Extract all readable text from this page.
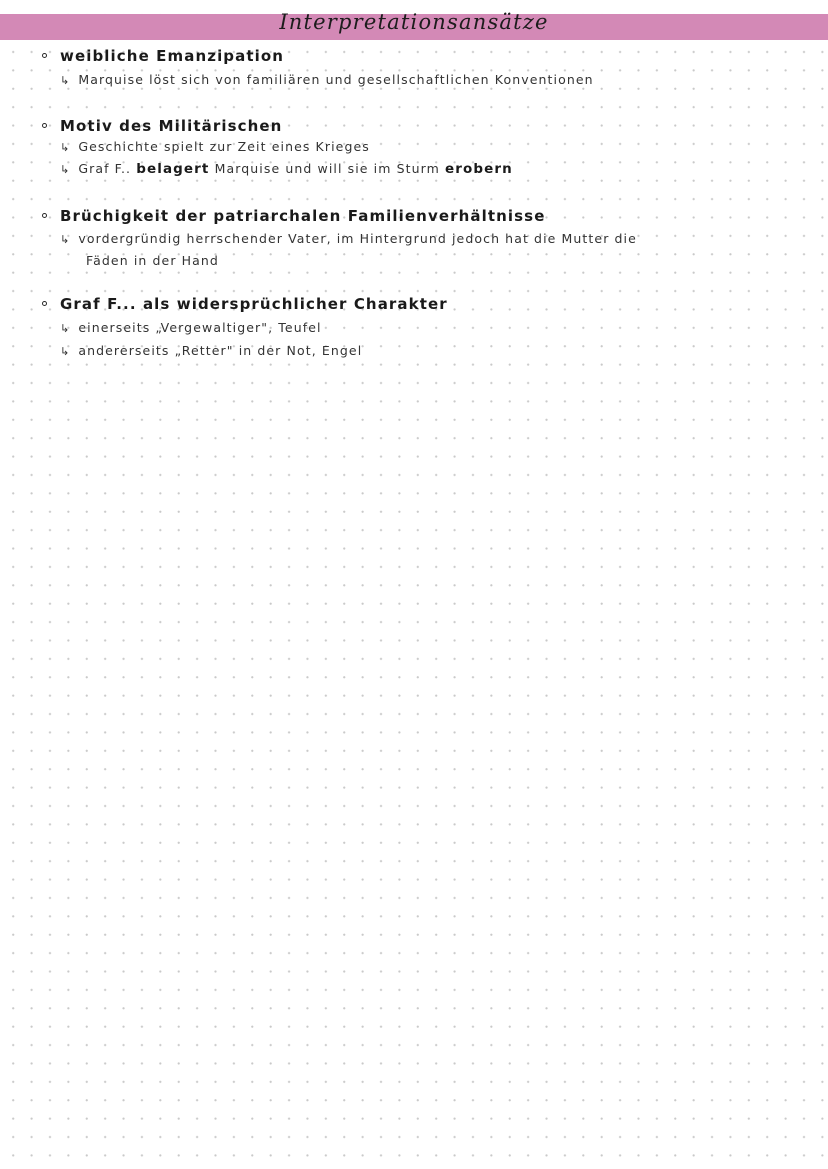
Interpretationsansätze
weibliche Emanzipation
↳ Marquise löst sich von familiären und gesellschaftlichen Konventionen
Motiv des Militärischen
↳ Geschichte spielt zur Zeit eines Krieges
↳ Graf F.. belagert Marquise und will sie im Sturm erobern
Brüchigkeit der patriarchalen Familienverhältnisse
↳ vordergründig herrschender Vater, im Hintergrund jedoch hat die Mutter die
Fäden in der Hand
Graf F... als widersprüchlicher Charakter
↳ einerseits „Vergewaltiger", Teufel
↳ andererseits „Retter" in der Not, Engel
